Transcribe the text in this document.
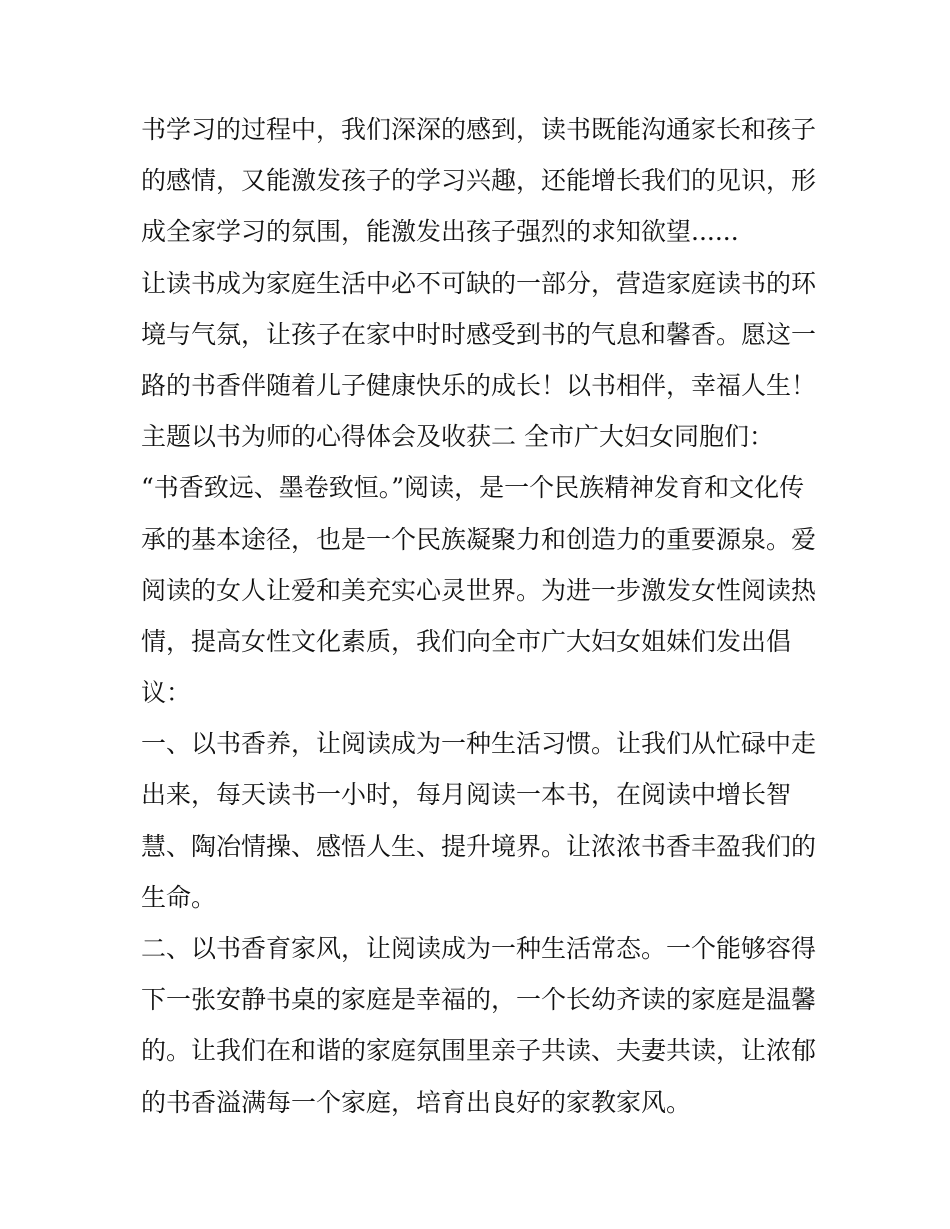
书学习的过程中，我们深深的感到，读书既能沟通家长和孩子
的感情，又能激发孩子的学习兴趣，还能增长我们的见识，形
成全家学习的氛围，能激发出孩子强烈的求知欲望......
让读书成为家庭生活中必不可缺的一部分，营造家庭读书的环
境与气氛，让孩子在家中时时感受到书的气息和馨香。愿这一
路的书香伴随着儿子健康快乐的成长！以书相伴，幸福人生！
主题以书为师的心得体会及收获二 全市广大妇女同胞们：
“书香致远、墨卷致恒。”阅读，是一个民族精神发育和文化传
承的基本途径，也是一个民族凝聚力和创造力的重要源泉。爱
阅读的女人让爱和美充实心灵世界。为进一步激发女性阅读热
情，提高女性文化素质，我们向全市广大妇女姐妹们发出倡
议：
一、以书香养，让阅读成为一种生活习惯。让我们从忙碌中走
出来，每天读书一小时，每月阅读一本书，在阅读中增长智
慧、陶冶情操、感悟人生、提升境界。让浓浓书香丰盈我们的
生命。
二、以书香育家风，让阅读成为一种生活常态。一个能够容得
下一张安静书桌的家庭是幸福的，一个长幼齐读的家庭是温馨
的。让我们在和谐的家庭氛围里亲子共读、夫妻共读，让浓郁
的书香溢满每一个家庭，培育出良好的家教家风。
